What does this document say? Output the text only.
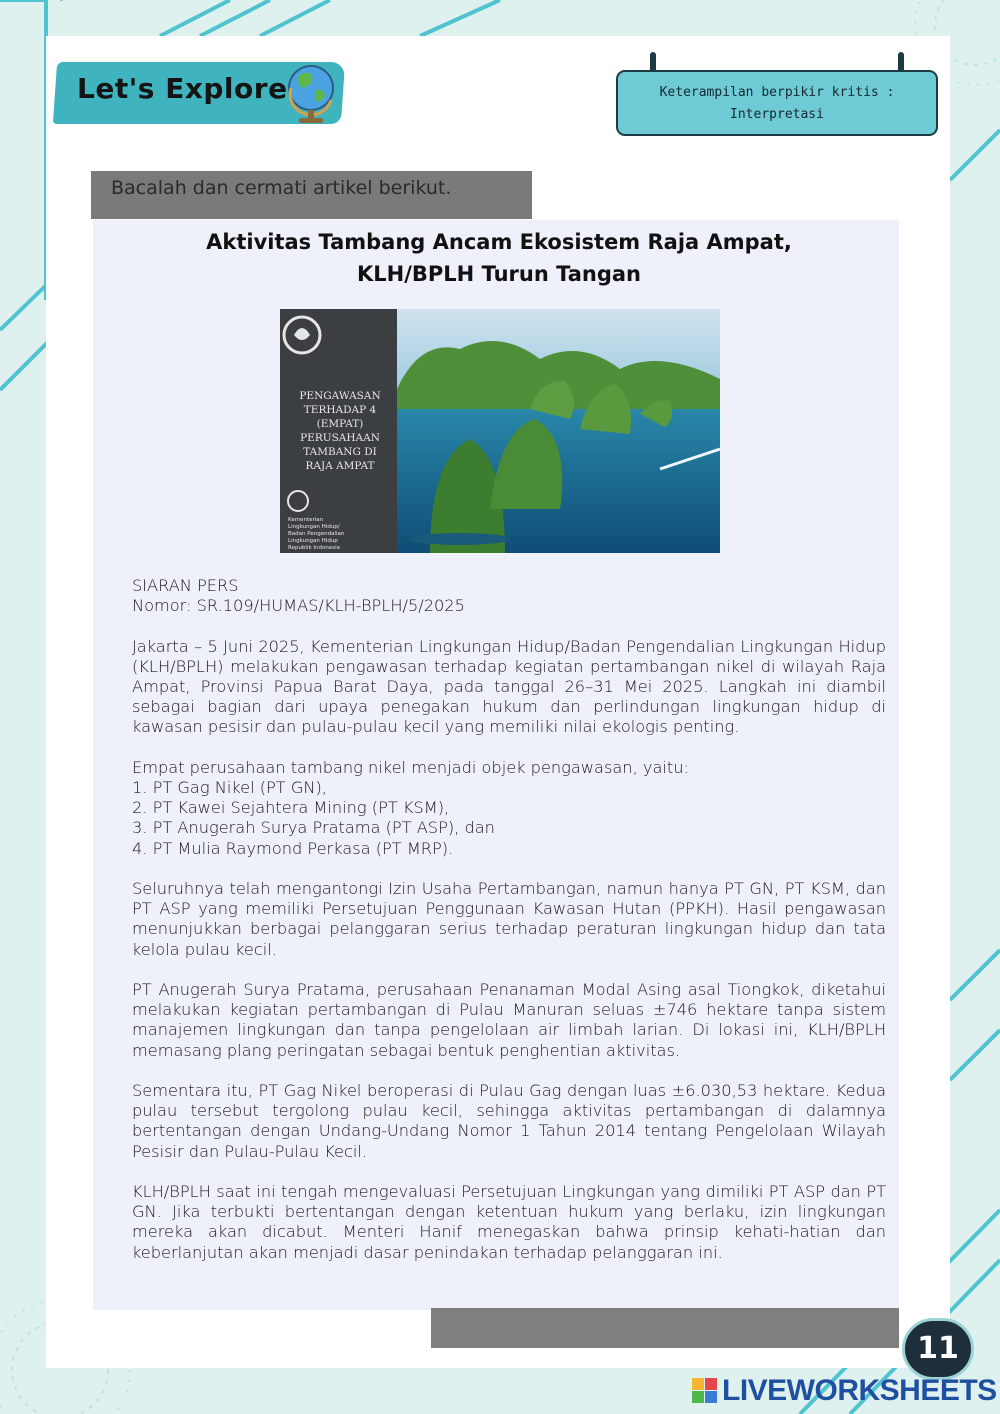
Let's Explore	Keterampilan berpikir kritis :
Interpretasi
Bacalah dan cermati artikel berikut.
Aktivitas Tambang Ancam Ekosistem Raja Ampat,
KLH/BPLH Turun Tangan
PENGAWASAN
TERHADAP 4
(EMPAT)
PERUSAHAAN
TAMBANG DI
RAJA AMPAT
Kementerian
Lingkungan Hidup/
Badan Pengendalian
Lingkungan Hidup
Republik Indonesia

SIARAN PERS
Nomor: SR.109/HUMAS/KLH-BPLH/5/2025

Jakarta – 5 Juni 2025, Kementerian Lingkungan Hidup/Badan Pengendalian Lingkungan Hidup (KLH/BPLH) melakukan pengawasan terhadap kegiatan pertambangan nikel di wilayah Raja Ampat, Provinsi Papua Barat Daya, pada tanggal 26–31 Mei 2025. Langkah ini diambil sebagai bagian dari upaya penegakan hukum dan perlindungan lingkungan hidup di kawasan pesisir dan pulau-pulau kecil yang memiliki nilai ekologis penting.

Empat perusahaan tambang nikel menjadi objek pengawasan, yaitu:
1. PT Gag Nikel (PT GN),
2. PT Kawei Sejahtera Mining (PT KSM),
3. PT Anugerah Surya Pratama (PT ASP), dan
4. PT Mulia Raymond Perkasa (PT MRP).

Seluruhnya telah mengantongi Izin Usaha Pertambangan, namun hanya PT GN, PT KSM, dan PT ASP yang memiliki Persetujuan Penggunaan Kawasan Hutan (PPKH). Hasil pengawasan menunjukkan berbagai pelanggaran serius terhadap peraturan lingkungan hidup dan tata kelola pulau kecil.

PT Anugerah Surya Pratama, perusahaan Penanaman Modal Asing asal Tiongkok, diketahui melakukan kegiatan pertambangan di Pulau Manuran seluas ±746 hektare tanpa sistem manajemen lingkungan dan tanpa pengelolaan air limbah larian. Di lokasi ini, KLH/BPLH memasang plang peringatan sebagai bentuk penghentian aktivitas.

Sementara itu, PT Gag Nikel beroperasi di Pulau Gag dengan luas ±6.030,53 hektare. Kedua pulau tersebut tergolong pulau kecil, sehingga aktivitas pertambangan di dalamnya bertentangan dengan Undang-Undang Nomor 1 Tahun 2014 tentang Pengelolaan Wilayah Pesisir dan Pulau-Pulau Kecil.

KLH/BPLH saat ini tengah mengevaluasi Persetujuan Lingkungan yang dimiliki PT ASP dan PT GN. Jika terbukti bertentangan dengan ketentuan hukum yang berlaku, izin lingkungan mereka akan dicabut. Menteri Hanif menegaskan bahwa prinsip kehati-hatian dan keberlanjutan akan menjadi dasar penindakan terhadap pelanggaran ini.

11
LIVEWORKSHEETS
